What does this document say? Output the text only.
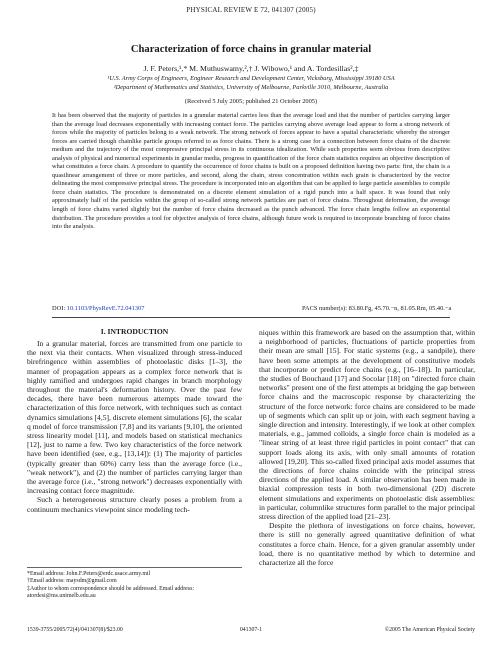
PHYSICAL REVIEW E 72, 041307 (2005)
Characterization of force chains in granular material
J. F. Peters,¹,* M. Muthuswamy,²,† J. Wibowo,¹ and A. Tordesillas²,‡
¹U.S. Army Corps of Engineers, Engineer Research and Development Center, Vicksburg, Mississippi 39180 USA
²Department of Mathematics and Statistics, University of Melbourne, Parkville 3010, Melbourne, Australia
(Received 5 July 2005; published 21 October 2005)
It has been observed that the majority of particles in a granular material carries less than the average load and that the number of particles carrying larger than the average load decreases exponentially with increasing contact force. The particles carrying above average load appear to form a strong network of forces while the majority of particles belong to a weak network. The strong network of forces appear to have a spatial characteristic whereby the stronger forces are carried though chainlike particle groups referred to as force chains. There is a strong case for a connection between force chains of the discrete medium and the trajectory of the most compressive principal stress in its continuous idealization. While such properties seem obvious from descriptive analysis of physical and numerical experiments in granular media, progress in quantification of the force chain statistics requires an objective description of what constitutes a force chain. A procedure to quantify the occurrence of force chains is built on a proposed definition having two parts: first, the chain is a quasilinear arrangement of three or more particles, and second, along the chain, stress concentration within each grain is characterized by the vector delineating the most compressive principal stress. The procedure is incorporated into an algorithm that can be applied to large particle assemblies to compile force chain statistics. The procedure is demonstrated on a discrete element simulation of a rigid punch into a half space. It was found that only approximately half of the particles within the group of so-called strong network particles are part of force chains. Throughout deformation, the average length of force chains varied slightly but the number of force chains decreased as the punch advanced. The force chain lengths follow an exponential distribution. The procedure provides a tool for objective analysis of force chains, although future work is required to incorporate branching of force chains into the analysis.
DOI: 10.1103/PhysRevE.72.041307	PACS number(s): 83.80.Fg, 45.70.−n, 81.05.Rm, 05.40.−a
I. INTRODUCTION

In a granular material, forces are transmitted from one particle to the next via their contacts. When visualized through stress-induced birefringence within assemblies of photoelastic disks [1–3], the manner of propagation appears as a complex force network that is highly ramified and undergoes rapid changes in branch morphology throughout the material's deformation history. Over the past few decades, there have been numerous attempts made toward the characterization of this force network, with techniques such as contact dynamics simulations [4,5], discrete element simulations [6], the scalar q model of force transmission [7,8] and its variants [9,10], the oriented stress linearity model [11], and models based on statistical mechanics [12], just to name a few. Two key characteristics of the force network have been identified (see, e.g., [13,14]): (1) The majority of particles (typically greater than 60%) carry less than the average force (i.e., "weak network"), and (2) the number of particles carrying larger than the average force (i.e., "strong network") decreases exponentially with increasing contact force magnitude.

Such a heterogeneous structure clearly poses a problem from a continuum mechanics viewpoint since modeling tech-

niques within this framework are based on the assumption that, within a neighborhood of particles, fluctuations of particle properties from their mean are small [15]. For static systems (e.g., a sandpile), there have been some attempts at the development of constitutive models that incorporate or predict force chains (e.g., [16–18]). In particular, the studies of Bouchaud [17] and Socolar [18] on "directed force chain networks" present one of the first attempts at bridging the gap between force chains and the macroscopic response by characterizing the structure of the force network: force chains are considered to be made up of segments which can split up or join, with each segment having a single direction and intensity. Interestingly, if we look at other complex materials, e.g., jammed colloids, a single force chain is modeled as a "linear string of at least three rigid particles in point contact" that can support loads along its axis, with only small amounts of rotation allowed [19,20]. This so-called fixed principal axis model assumes that the directions of force chains coincide with the principal stress directions of the applied load. A similar observation has been made in biaxial compression tests in both two-dimensional (2D) discrete element simulations and experiments on photoelastic disk assemblies: in particular, columnlike structures form parallel to the major principal stress direction of the applied load [21–23].

Despite the plethora of investigations on force chains, however, there is still no generally agreed quantitative definition of what constitutes a force chain. Hence, for a given granular assembly under load, there is no quantitative method by which to determine and characterize all the force

*Email address: John.F.Peters@erdc.usace.army.mil

†Email address: maysdm@gmail.com

‡Author to whom correspondence should be addressed. Email address: atordesi@ms.unimelb.edu.au

1539-3755/2005/72(4)/041307(8)/$23.00	041307-1	©2005 The American Physical Society
